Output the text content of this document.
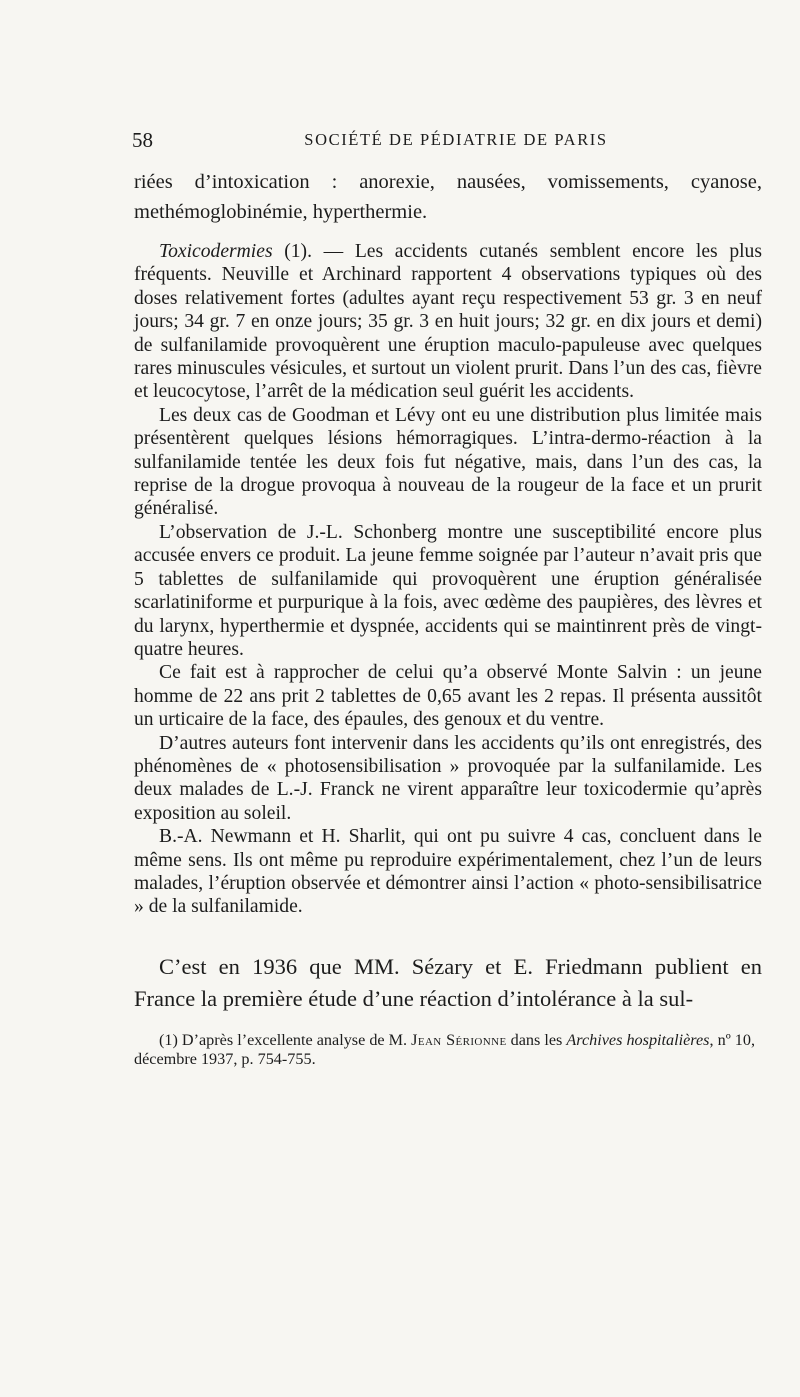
58	SOCIÉTÉ DE PÉDIATRIE DE PARIS

riées d’intoxication : anorexie, nausées, vomissements, cyanose, methémoglobinémie, hyperthermie.

Toxicodermies (1). — Les accidents cutanés semblent encore les plus fréquents. Neuville et Archinard rapportent 4 observations typiques où des doses relativement fortes (adultes ayant reçu respectivement 53 gr. 3 en neuf jours; 34 gr. 7 en onze jours; 35 gr. 3 en huit jours; 32 gr. en dix jours et demi) de sulfanilamide provoquèrent une éruption maculo-papuleuse avec quelques rares minuscules vésicules, et surtout un violent prurit. Dans l’un des cas, fièvre et leucocytose, l’arrêt de la médication seul guérit les accidents.

Les deux cas de Goodman et Lévy ont eu une distribution plus limitée mais présentèrent quelques lésions hémorragiques. L’intra-dermo-réaction à la sulfanilamide tentée les deux fois fut négative, mais, dans l’un des cas, la reprise de la drogue provoqua à nouveau de la rougeur de la face et un prurit généralisé.

L’observation de J.-L. Schonberg montre une susceptibilité encore plus accusée envers ce produit. La jeune femme soignée par l’auteur n’avait pris que 5 tablettes de sulfanilamide qui provoquèrent une éruption généralisée scarlatiniforme et purpurique à la fois, avec œdème des paupières, des lèvres et du larynx, hyperthermie et dyspnée, accidents qui se maintinrent près de vingt-quatre heures.

Ce fait est à rapprocher de celui qu’a observé Monte Salvin : un jeune homme de 22 ans prit 2 tablettes de 0,65 avant les 2 repas. Il présenta aussitôt un urticaire de la face, des épaules, des genoux et du ventre.

D’autres auteurs font intervenir dans les accidents qu’ils ont enregistrés, des phénomènes de « photosensibilisation » provoquée par la sulfanilamide. Les deux malades de L.-J. Franck ne virent apparaître leur toxicodermie qu’après exposition au soleil.

B.-A. Newmann et H. Sharlit, qui ont pu suivre 4 cas, concluent dans le même sens. Ils ont même pu reproduire expérimentalement, chez l’un de leurs malades, l’éruption observée et démontrer ainsi l’action « photo-sensibilisatrice » de la sulfanilamide.

C’est en 1936 que MM. Sézary et E. Friedmann publient en France la première étude d’une réaction d’intolérance à la sul-

(1) D’après l’excellente analyse de M. Jean Sérionne dans les Archives hospitalières, nº 10, décembre 1937, p. 754-755.
